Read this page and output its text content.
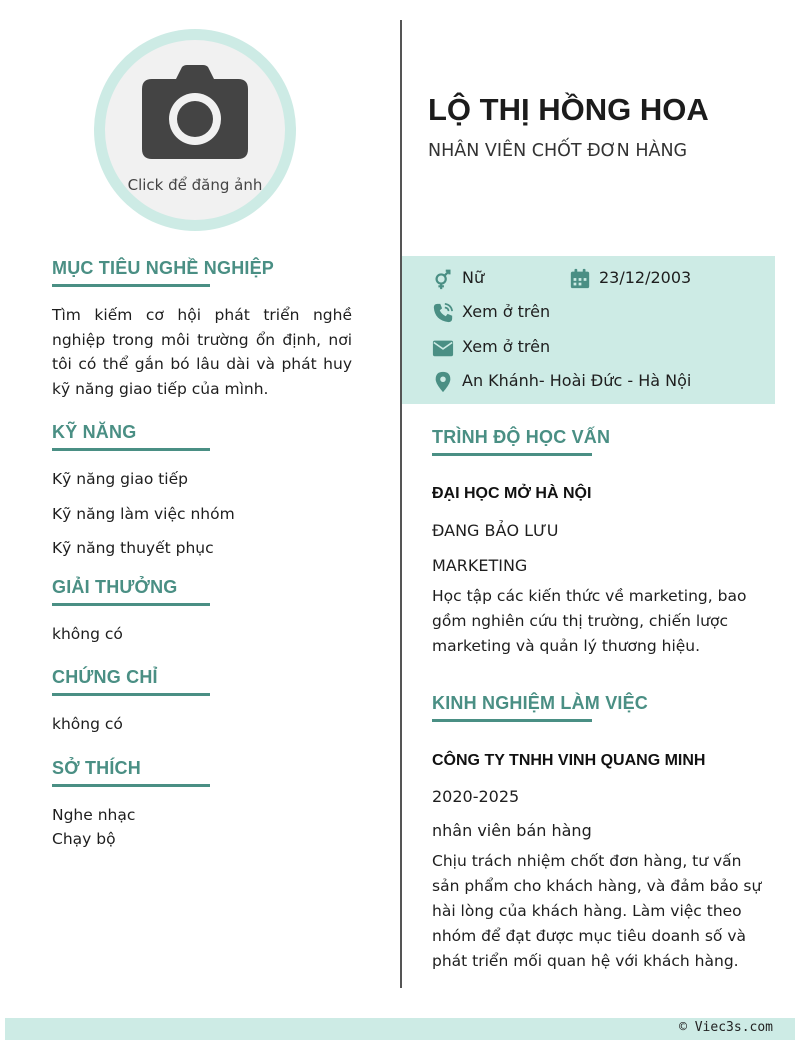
Click để đăng ảnh
MỤC TIÊU NGHỀ NGHIỆP
Tìm kiếm cơ hội phát triển nghề nghiệp trong môi trường ổn định, nơi tôi có thể gắn bó lâu dài và phát huy kỹ năng giao tiếp của mình.
KỸ NĂNG
Kỹ năng giao tiếp
Kỹ năng làm việc nhóm
Kỹ năng thuyết phục
GIẢI THƯỞNG
không có
CHỨNG CHỈ
không có
SỞ THÍCH
Nghe nhạc
Chạy bộ
LỘ THỊ HỒNG HOA
NHÂN VIÊN CHỐT ĐƠN HÀNG
Nữ	23/12/2003
Xem ở trên
Xem ở trên
An Khánh- Hoài Đức - Hà Nội
TRÌNH ĐỘ HỌC VẤN
ĐẠI HỌC MỞ HÀ NỘI
ĐANG BẢO LƯU
MARKETING
Học tập các kiến thức về marketing, bao gồm nghiên cứu thị trường, chiến lược marketing và quản lý thương hiệu.
KINH NGHIỆM LÀM VIỆC
CÔNG TY TNHH VINH QUANG MINH
2020-2025
nhân viên bán hàng
Chịu trách nhiệm chốt đơn hàng, tư vấn sản phẩm cho khách hàng, và đảm bảo sự hài lòng của khách hàng. Làm việc theo nhóm để đạt được mục tiêu doanh số và phát triển mối quan hệ với khách hàng.
© Viec3s.com
